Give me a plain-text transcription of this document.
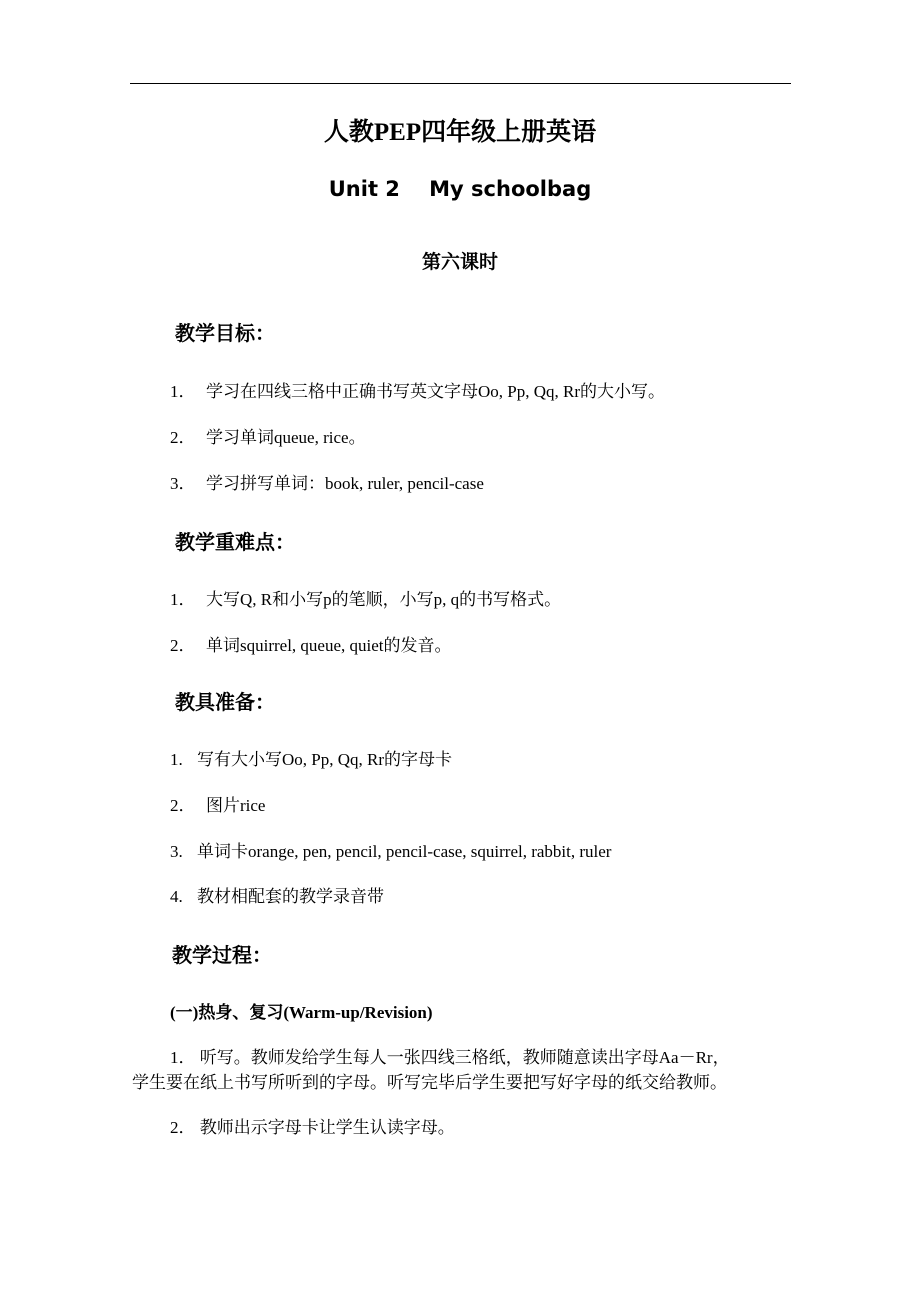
人教PEP四年级上册英语
Unit 2    My schoolbag
第六课时
教学目标：
1． 学习在四线三格中正确书写英文字母Oo, Pp, Qq, Rr的大小写。
2． 学习单词queue, rice。
3． 学习拼写单词：book, ruler, pencil-case
教学重难点：
1． 大写Q, R和小写p的笔顺，小写p, q的书写格式。
2． 单词squirrel, queue, quiet的发音。
教具准备：
1. 写有大小写Oo, Pp, Qq, Rr的字母卡
2． 图片rice
3. 单词卡orange, pen, pencil, pencil-case, squirrel, rabbit, ruler
4. 教材相配套的教学录音带
教学过程：
(一)热身、复习(Warm-up/Revision)
1． 听写。教师发给学生每人一张四线三格纸，教师随意读出字母Aa－Rr，
学生要在纸上书写所听到的字母。听写完毕后学生要把写好字母的纸交给教师。
2． 教师出示字母卡让学生认读字母。
